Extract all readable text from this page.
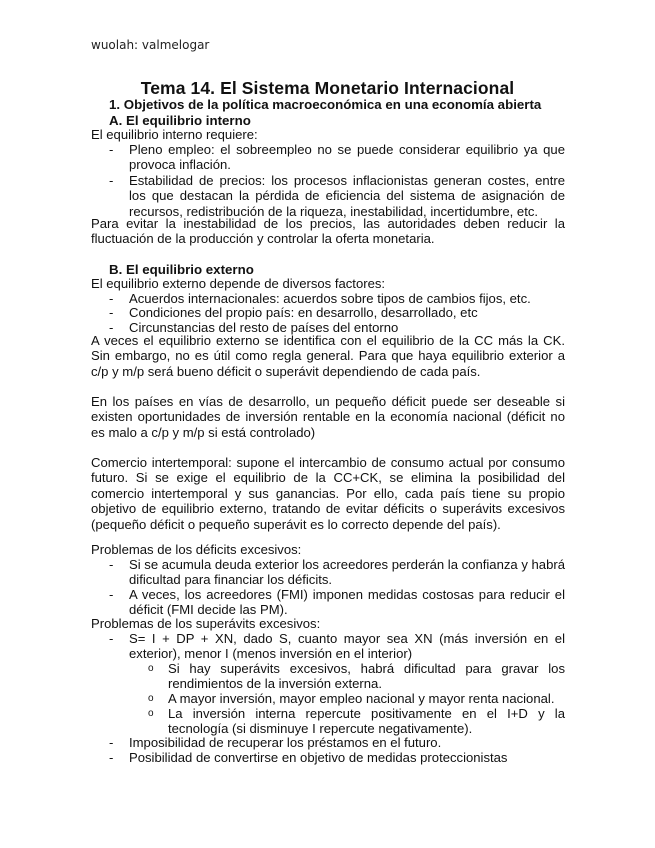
wuolah: valmelogar
Tema 14. El Sistema Monetario Internacional
1. Objetivos de la política macroeconómica en una economía abierta
A. El equilibrio interno
El equilibrio interno requiere:
- Pleno empleo: el sobreempleo no se puede considerar equilibrio ya que provoca inflación.
- Estabilidad de precios: los procesos inflacionistas generan costes, entre los que destacan la pérdida de eficiencia del sistema de asignación de recursos, redistribución de la riqueza, inestabilidad, incertidumbre, etc.
Para evitar la inestabilidad de los precios, las autoridades deben reducir la fluctuación de la producción y controlar la oferta monetaria.
B. El equilibrio externo
El equilibrio externo depende de diversos factores:
- Acuerdos internacionales: acuerdos sobre tipos de cambios fijos, etc.
- Condiciones del propio país: en desarrollo, desarrollado, etc
- Circunstancias del resto de países del entorno
A veces el equilibrio externo se identifica con el equilibrio de la CC más la CK. Sin embargo, no es útil como regla general. Para que haya equilibrio exterior a c/p y m/p será bueno déficit o superávit dependiendo de cada país.
En los países en vías de desarrollo, un pequeño déficit puede ser deseable si existen oportunidades de inversión rentable en la economía nacional (déficit no es malo a c/p y m/p si está controlado)
Comercio intertemporal: supone el intercambio de consumo actual por consumo futuro. Si se exige el equilibrio de la CC+CK, se elimina la posibilidad del comercio intertemporal y sus ganancias. Por ello, cada país tiene su propio objetivo de equilibrio externo, tratando de evitar déficits o superávits excesivos (pequeño déficit o pequeño superávit es lo correcto depende del país).
Problemas de los déficits excesivos:
- Si se acumula deuda exterior los acreedores perderán la confianza y habrá dificultad para financiar los déficits.
- A veces, los acreedores (FMI) imponen medidas costosas para reducir el déficit (FMI decide las PM).
Problemas de los superávits excesivos:
- S= I + DP + XN, dado S, cuanto mayor sea XN (más inversión en el exterior), menor I (menos inversión en el interior)
o Si hay superávits excesivos, habrá dificultad para gravar los rendimientos de la inversión externa.
o A mayor inversión, mayor empleo nacional y mayor renta nacional.
o La inversión interna repercute positivamente en el I+D y la tecnología (si disminuye I repercute negativamente).
- Imposibilidad de recuperar los préstamos en el futuro.
- Posibilidad de convertirse en objetivo de medidas proteccionistas
